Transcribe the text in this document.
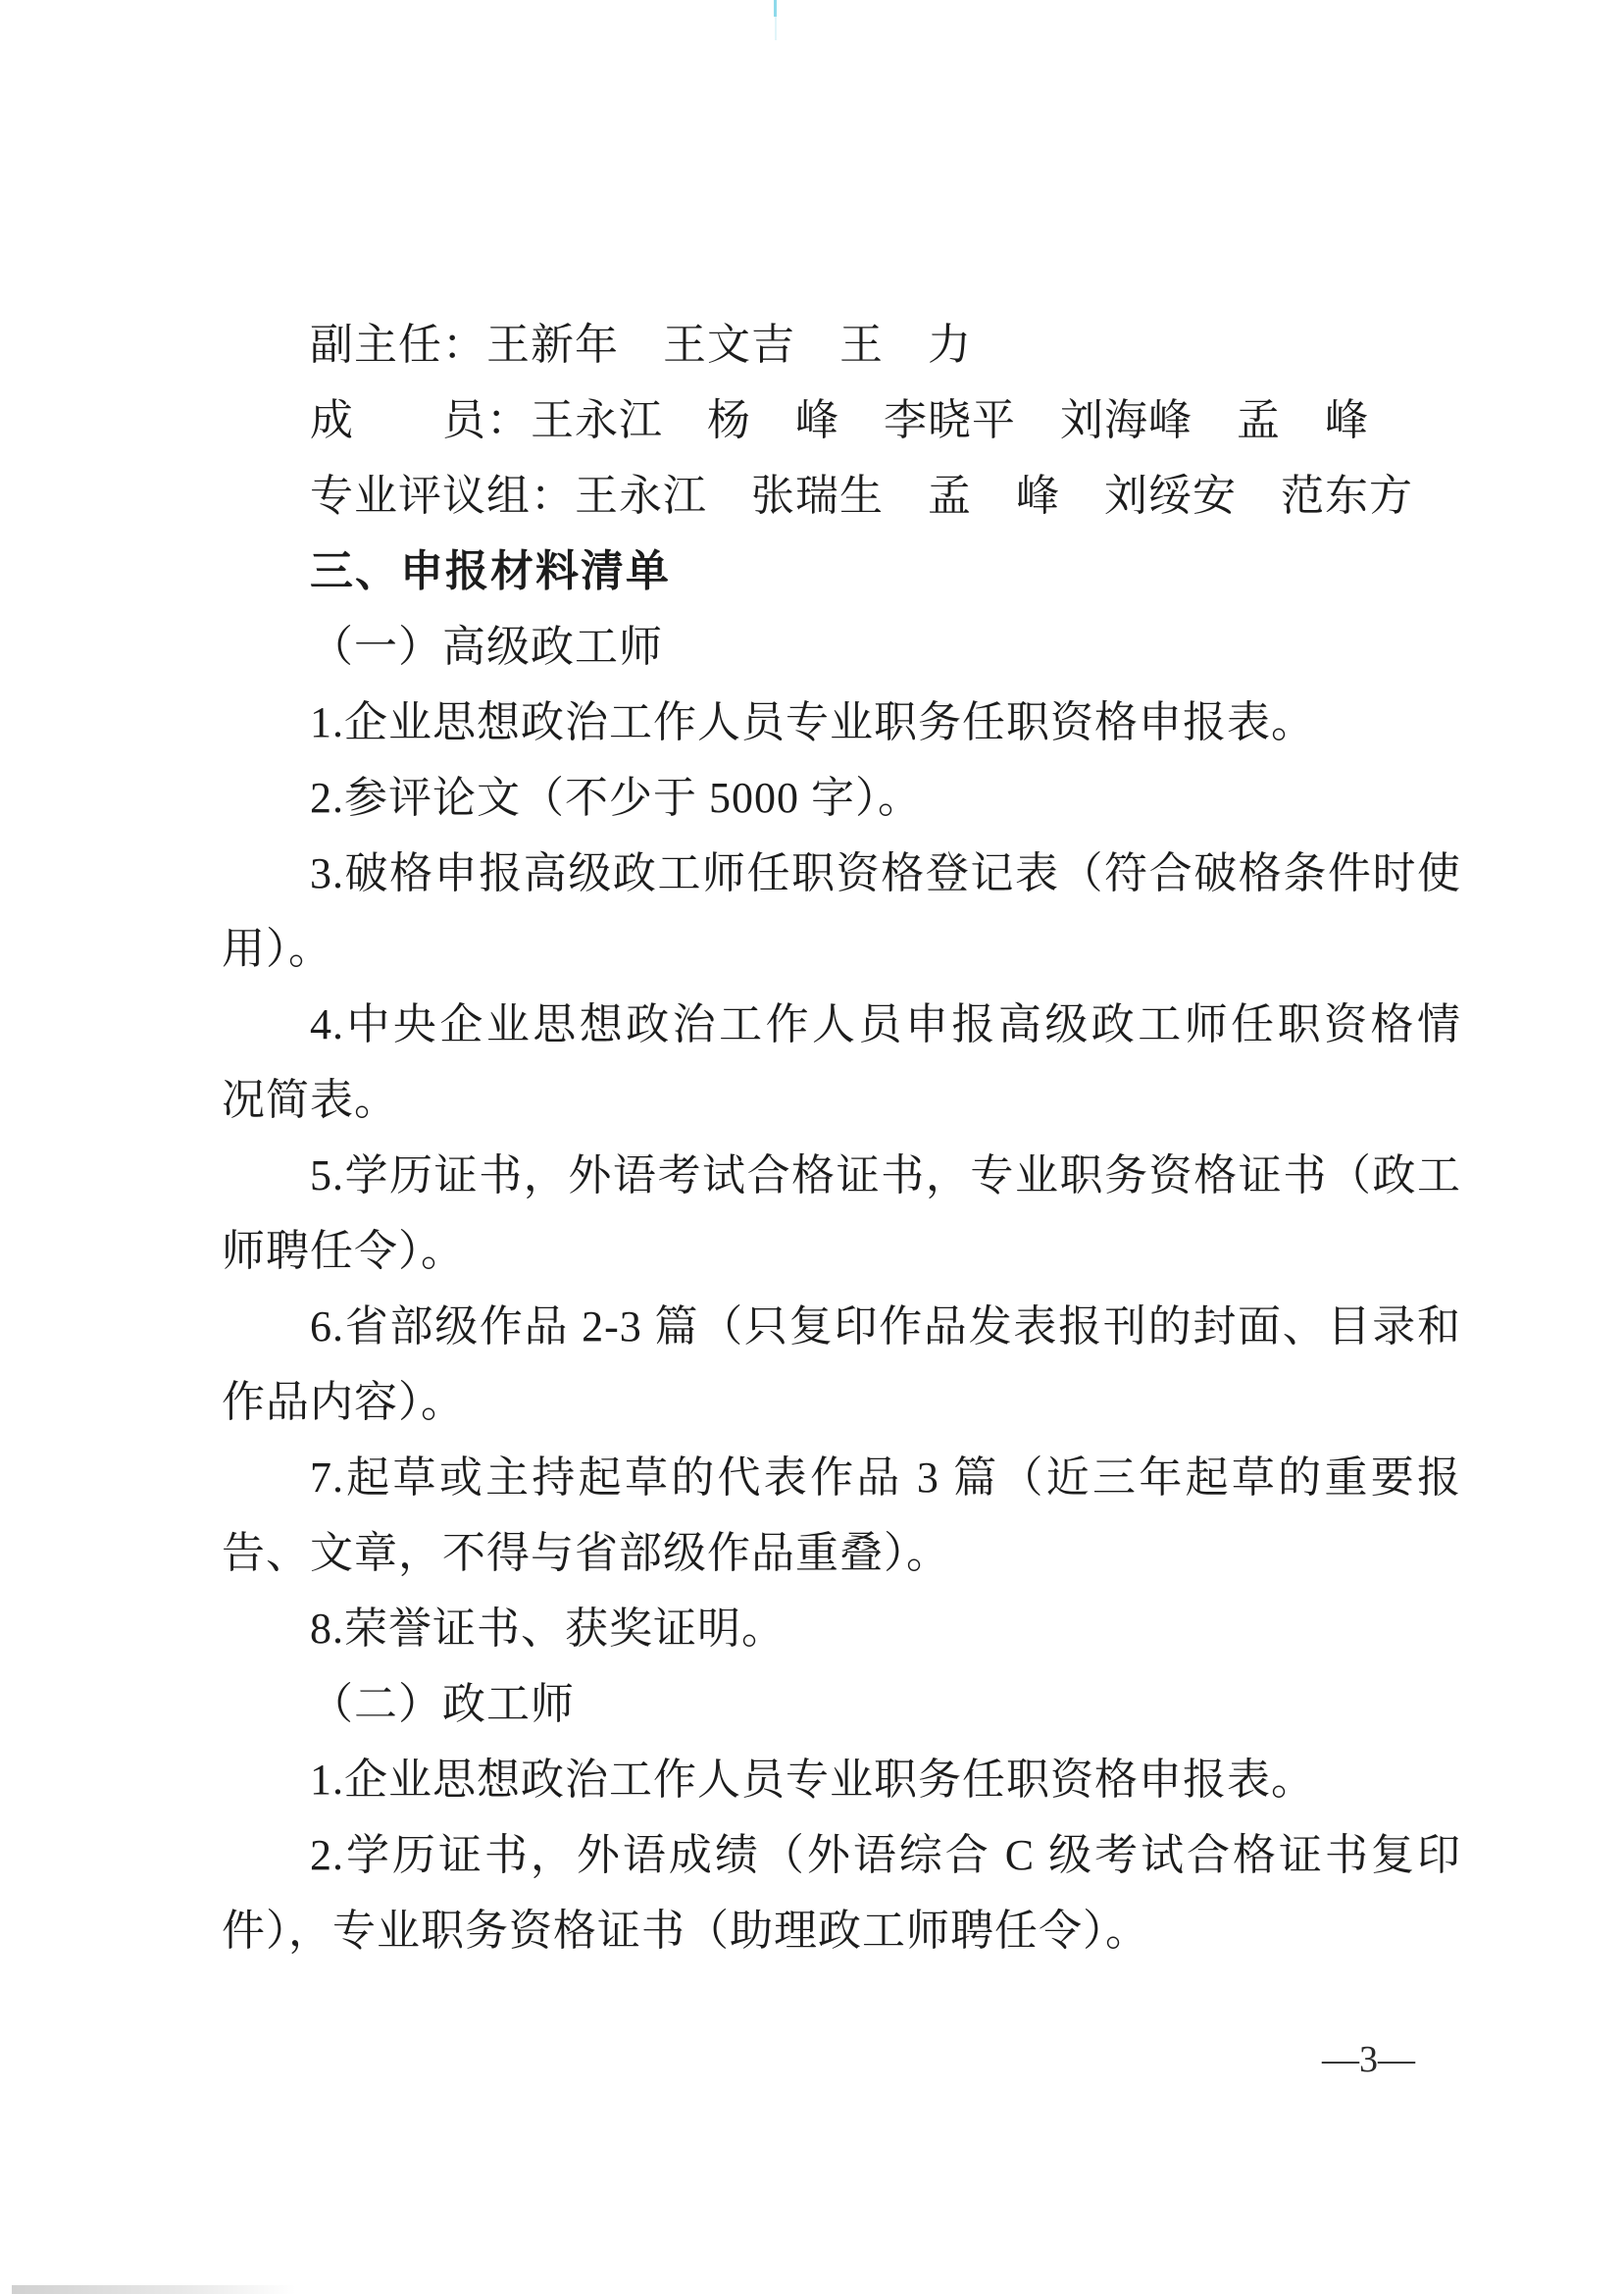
副主任：王新年　王文吉　王　力
成　　员：王永江　杨　峰　李晓平　刘海峰　孟　峰
专业评议组：王永江　张瑞生　孟　峰　刘绥安　范东方
三、申报材料清单
（一）高级政工师
1.企业思想政治工作人员专业职务任职资格申报表。
2.参评论文（不少于 5000 字）。
3.破格申报高级政工师任职资格登记表（符合破格条件时使
用）。
4.中央企业思想政治工作人员申报高级政工师任职资格情
况简表。
5.学历证书，外语考试合格证书，专业职务资格证书（政工
师聘任令）。
6.省部级作品 2-3 篇（只复印作品发表报刊的封面、目录和
作品内容）。
7.起草或主持起草的代表作品 3 篇（近三年起草的重要报
告、文章，不得与省部级作品重叠）。
8.荣誉证书、获奖证明。
（二）政工师
1.企业思想政治工作人员专业职务任职资格申报表。
2.学历证书，外语成绩（外语综合 C 级考试合格证书复印
件），专业职务资格证书（助理政工师聘任令）。
—3—
